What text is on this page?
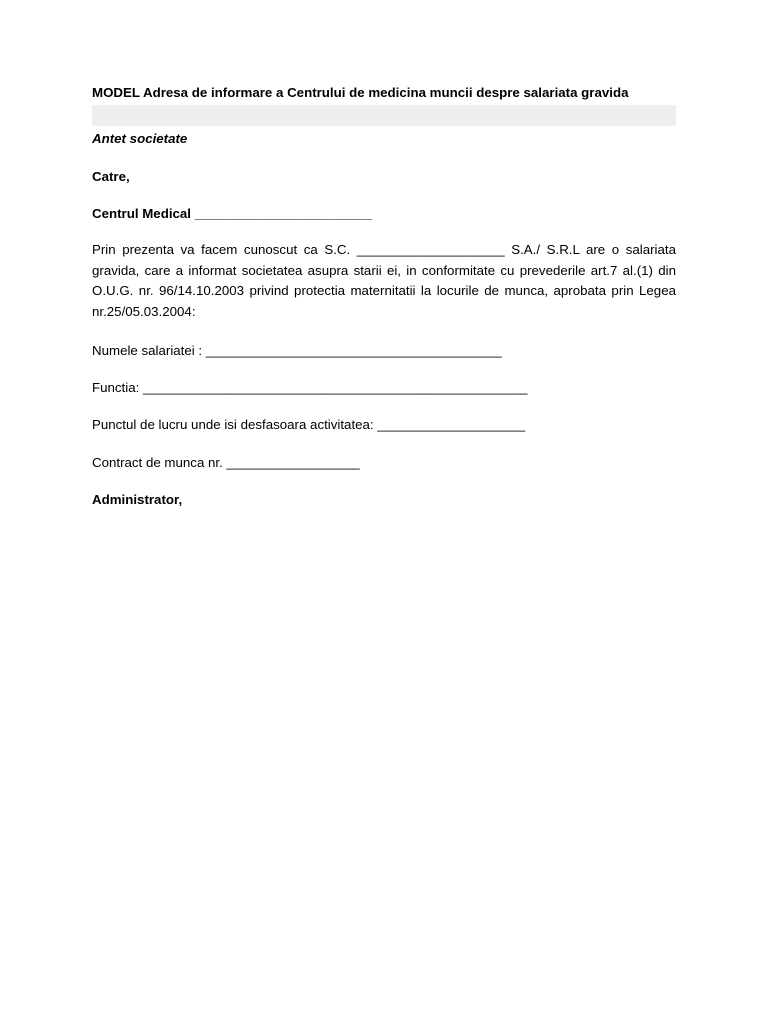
MODEL Adresa de informare a Centrului de medicina muncii despre salariata gravida
Antet societate
Catre,
Centrul Medical ________________________
Prin prezenta va facem cunoscut ca S.C. ____________________ S.A./ S.R.L are o salariata gravida, care a informat societatea asupra starii ei, in conformitate cu prevederile art.7 al.(1) din O.U.G. nr. 96/14.10.2003 privind protectia maternitatii la locurile de munca, aprobata prin Legea nr.25/05.03.2004:
Numele salariatei : ________________________________________
Functia: ____________________________________________________
Punctul de lucru unde isi desfasoara activitatea: ____________________
Contract de munca nr. __________________
Administrator,
